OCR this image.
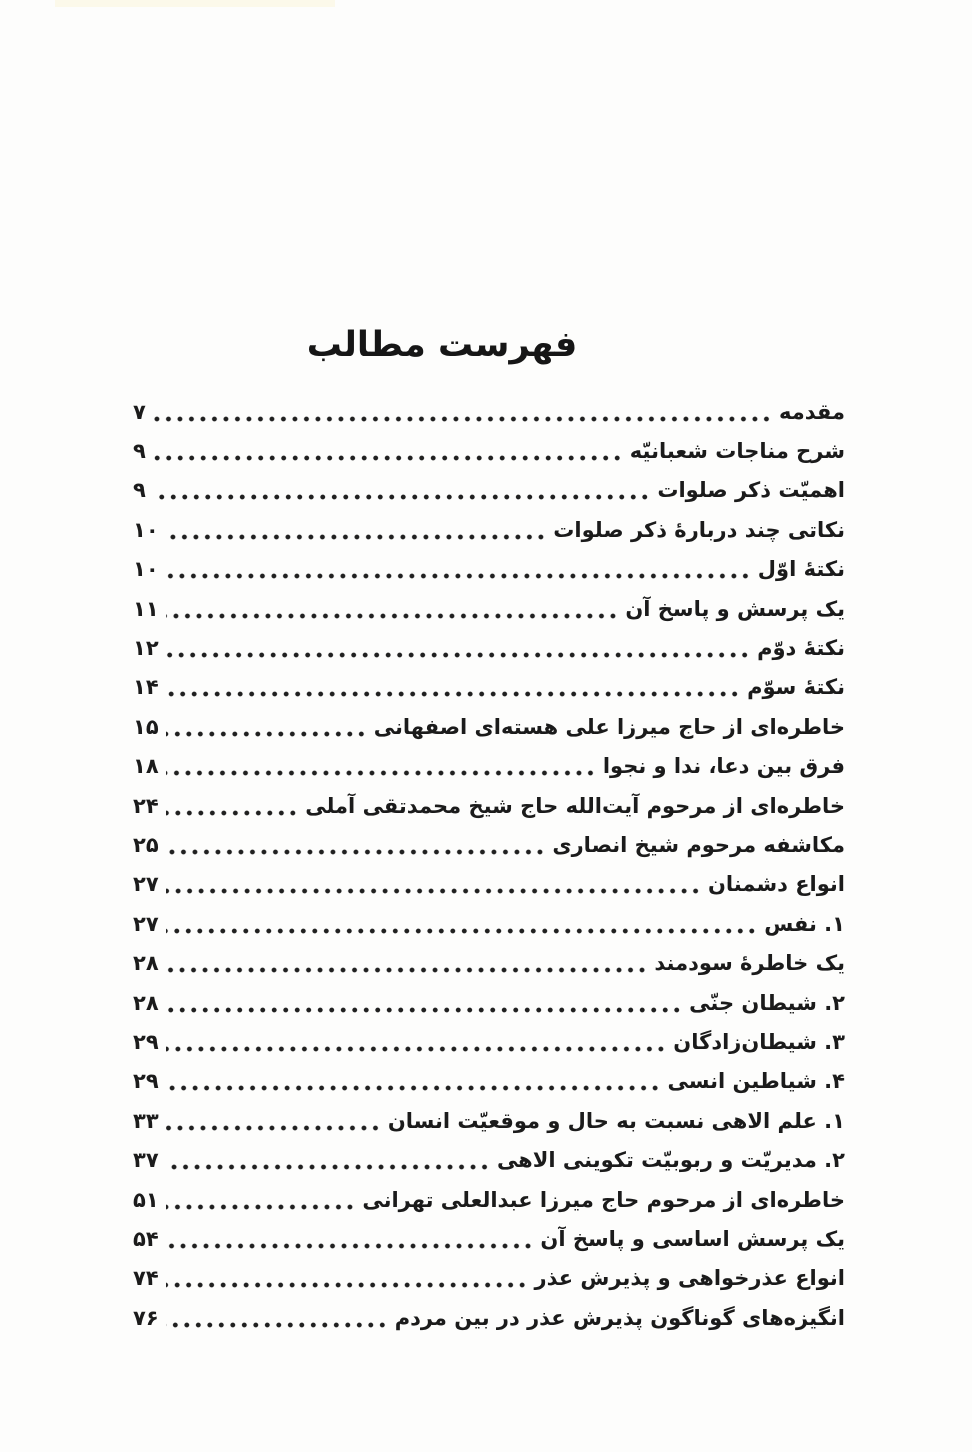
فهرست مطالب
مقدمه
۷
شرح مناجات شعبانیّه
۹
اهمیّت ذکر صلوات
۹
نکاتی چند دربارهٔ ذکر صلوات
۱۰
نکتهٔ اوّل
۱۰
یک پرسش و پاسخ آن
۱۱
نکتهٔ دوّم
۱۲
نکتهٔ سوّم
۱۴
خاطره‌ای از حاج میرزا علی هسته‌ای اصفهانی
۱۵
فرق بین دعا، ندا و نجوا
۱۸
خاطره‌ای از مرحوم آیت‌الله حاج شیخ محمدتقی آملی
۲۴
مکاشفه مرحوم شیخ انصاری
۲۵
انواع دشمنان
۲۷
۱. نفس
۲۷
یک خاطرهٔ سودمند
۲۸
۲. شیطان جنّی
۲۸
۳. شیطان‌زادگان
۲۹
۴. شیاطین انسی
۲۹
۱. علم الاهی نسبت به حال و موقعیّت انسان
۳۳
۲. مدیریّت و ربوبیّت تکوینی الاهی
۳۷
خاطره‌ای از مرحوم حاج میرزا عبدالعلی تهرانی
۵۱
یک پرسش اساسی و پاسخ آن
۵۴
انواع عذرخواهی و پذیرش عذر
۷۴
انگیزه‌های گوناگون پذیرش عذر در بین مردم
۷۶
